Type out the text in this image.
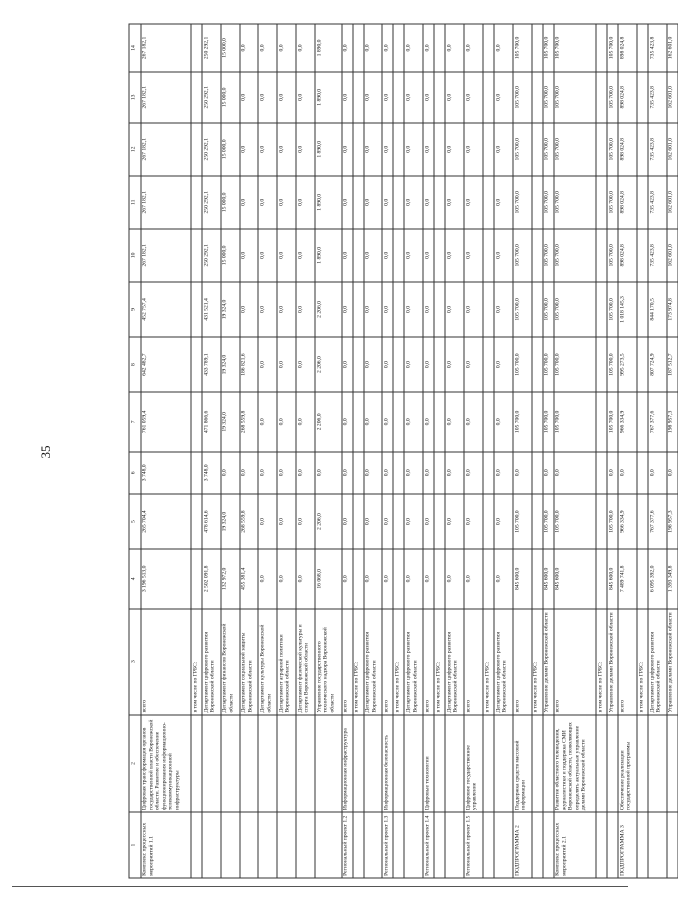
35
1	2	3	4	5	6	7	8	9	10	11	12	13	14
Комплекс процессных мероприятий 1.1	Цифровая трансформация органов государственной власти Воронежской области. Развитие и обеспечение функционирования информационно-телекоммуникационной инфраструктуры	всего	3 196 513,0	265 704,4	3 748,0	761 059,4	642 482,7	452 757,4	267 182,1	267 182,1	267 182,1	267 182,1	267 182,1
		в том числе по ГРБС:											
		Департамент цифрового развития Воронежской области	2 502 091,8	478 614,6	3 748,0	471 866,6	433 789,1	431 521,4	250 292,1	250 292,1	250 292,1	250 292,1	250 292,1
		Департамент финансов Воронежской области	132 972,0	19 324,0	0,0	19 324,0	19 324,0	19 324,0	15 000,0	15 000,0	15 000,0	15 000,0	15 000,0
		Департамент социальной защиты Воронежской области	455 381,4	268 559,8	0,0	268 559,8	186 821,6	0,0	0,0	0,0	0,0	0,0	0,0
		Департамент культуры Воронежской области	0,0	0,0	0,0	0,0	0,0	0,0	0,0	0,0	0,0	0,0	0,0
		Департамент аграрной политики Воронежской области	0,0	0,0	0,0	0,0	0,0	0,0	0,0	0,0	0,0	0,0	0,0
		Департамент физической культуры и спорта Воронежской области	0,0	0,0	0,0	0,0	0,0	0,0	0,0	0,0	0,0	0,0	0,0
		Управление государственного технического надзора Воронежской области	16 068,0	2 206,0	0,0	2 206,0	2 206,0	2 206,0	1 890,0	1 890,0	1 890,0	1 890,0	1 890,0
Региональный проект 1.2	Информационная инфраструктура	всего	0,0	0,0	0,0	0,0	0,0	0,0	0,0	0,0	0,0	0,0	0,0
		в том числе по ГРБС:											
		Департамент цифрового развития Воронежской области	0,0	0,0	0,0	0,0	0,0	0,0	0,0	0,0	0,0	0,0	0,0
Региональный проект 1.3	Информационная безопасность	всего	0,0	0,0	0,0	0,0	0,0	0,0	0,0	0,0	0,0	0,0	0,0
		в том числе по ГРБС:											
		Департамент цифрового развития Воронежской области	0,0	0,0	0,0	0,0	0,0	0,0	0,0	0,0	0,0	0,0	0,0
Региональный проект 1.4	Цифровые технологии	всего	0,0	0,0	0,0	0,0	0,0	0,0	0,0	0,0	0,0	0,0	0,0
		в том числе по ГРБС:											
		Департамент цифрового развития Воронежской области	0,0	0,0	0,0	0,0	0,0	0,0	0,0	0,0	0,0	0,0	0,0
Региональный проект 1.5	Цифровое государственное управление	всего	0,0	0,0	0,0	0,0	0,0	0,0	0,0	0,0	0,0	0,0	0,0
		в том числе по ГРБС:											
		Департамент цифрового развития Воронежской области	0,0	0,0	0,0	0,0	0,0	0,0	0,0	0,0	0,0	0,0	0,0
ПОДПРОГРАММА 2	Поддержка средств массовой информации	всего	845 600,0	105 700,0	0,0	105 700,0	105 700,0	105 700,0	105 700,0	105 700,0	105 700,0	105 700,0	105 700,0
		в том числе по ГРБС:											
		Управление делами Воронежской области	845 600,0	105 700,0	0,0	105 700,0	105 700,0	105 700,0	105 700,0	105 700,0	105 700,0	105 700,0	105 700,0
Комплекс процессных мероприятий 2.1	Развитие областного телевидения, журналистики и поддержка СМИ Воронежской области, позволяющих определять актуальные управление делами Воронежской области	всего	845 600,0	105 700,0	0,0	105 700,0	105 700,0	105 700,0	105 700,0	105 700,0	105 700,0	105 700,0	105 700,0
		в том числе по ГРБС:											
		Управление делами Воронежской области	845 600,0	105 700,0	0,0	105 700,0	105 700,0	105 700,0	105 700,0	105 700,0	105 700,0	105 700,0	105 700,0
ПОДПРОГРАММА 3	Обеспечение реализации государственной программы	всего	7 489 741,8	966 334,9	0,0	966 334,9	995 273,5	1 018 145,3	898 024,8	898 024,8	898 024,8	898 024,8	898 024,8
		в том числе по ГРБС:											
		Департамент цифрового развития Воронежской области	6 095 392,0	767 377,6	0,0	767 377,6	807 724,9	844 170,5	735 423,8	735 423,8	735 423,8	735 423,8	735 423,8
		Управление делами Воронежской области	1 393 349,8	198 957,3	0,0	198 957,3	187 512,7	173 974,8	162 601,0	162 601,0	162 601,0	162 601,0	162 601,0
